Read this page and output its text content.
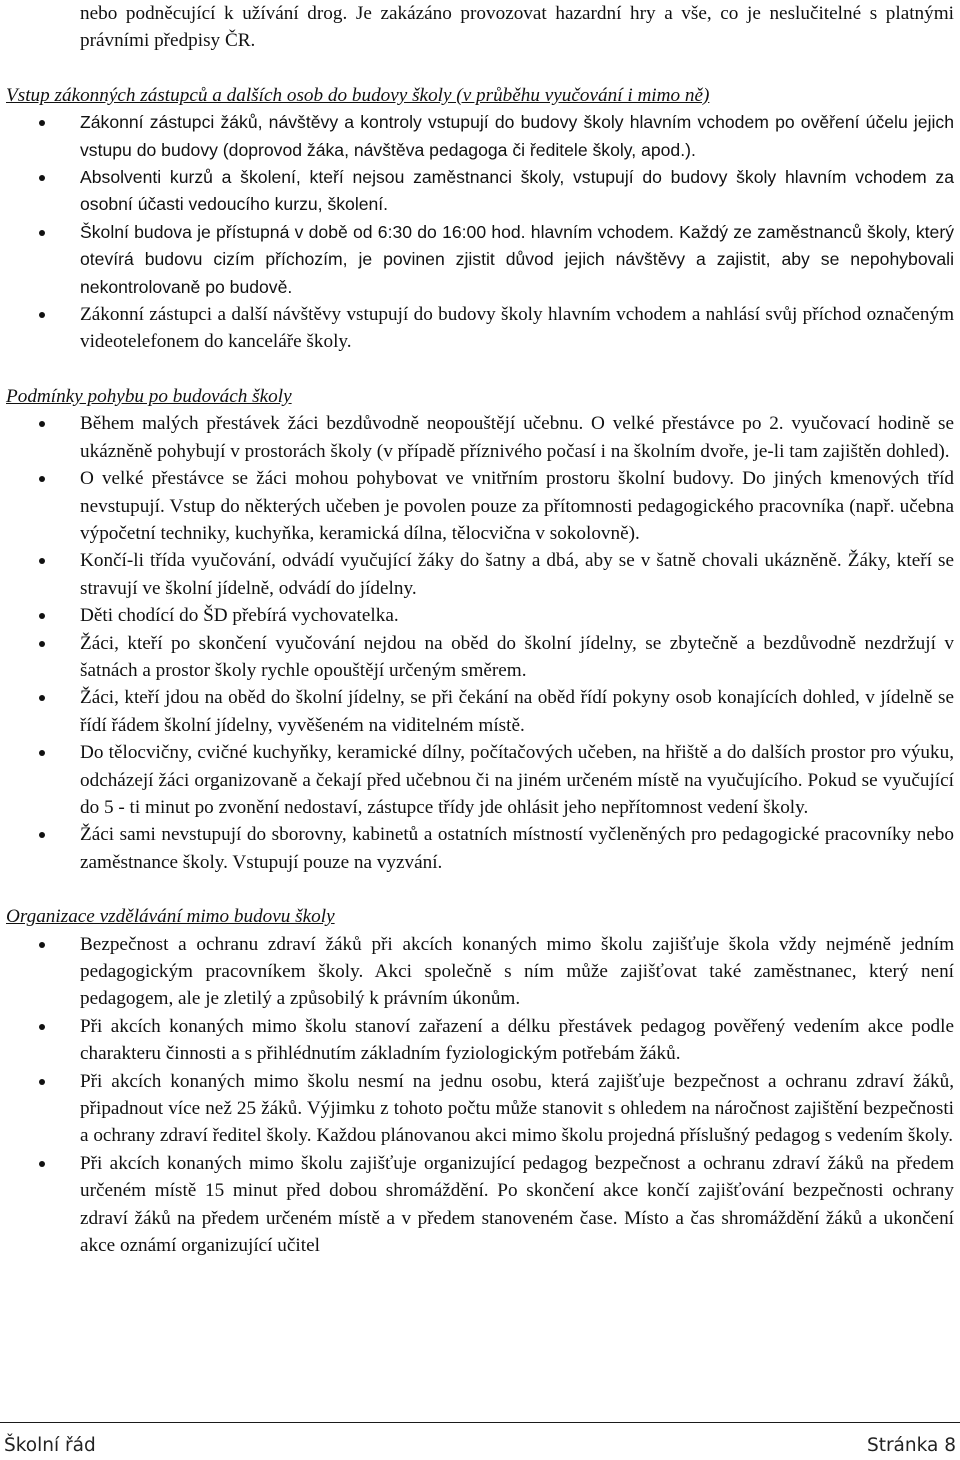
nebo podněcující k užívání drog. Je zakázáno provozovat hazardní hry a vše, co je neslučitelné s platnými právními předpisy ČR.

Vstup zákonných zástupců a dalších osob do budovy školy (v průběhu vyučování i mimo ně)

Zákonní zástupci žáků, návštěvy a kontroly vstupují do budovy školy hlavním vchodem po ověření účelu jejich vstupu do budovy (doprovod žáka, návštěva pedagoga či ředitele školy, apod.).

Absolventi kurzů a školení, kteří nejsou zaměstnanci školy, vstupují do budovy školy hlavním vchodem za osobní účasti vedoucího kurzu, školení.

Školní budova je přístupná v době od 6:30 do 16:00 hod. hlavním vchodem. Každý ze zaměstnanců školy, který otevírá budovu cizím příchozím, je povinen zjistit důvod jejich návštěvy a zajistit, aby se nepohybovali nekontrolovaně po budově.

Zákonní zástupci a další návštěvy vstupují do budovy školy hlavním vchodem a nahlásí svůj příchod označeným videotelefonem do kanceláře školy.

Podmínky pohybu po budovách školy

Během malých přestávek žáci bezdůvodně neopouštějí učebnu. O velké přestávce po 2. vyučovací hodině se ukázněně pohybují v prostorách školy (v případě příznivého počasí i na školním dvoře, je-li tam zajištěn dohled).

O velké přestávce se žáci mohou pohybovat ve vnitřním prostoru školní budovy. Do jiných kmenových tříd nevstupují. Vstup do některých učeben je povolen pouze za přítomnosti pedagogického pracovníka (např. učebna výpočetní techniky, kuchyňka, keramická dílna, tělocvična v sokolovně).

Končí-li třída vyučování, odvádí vyučující žáky do šatny a dbá, aby se v šatně chovali ukázněně. Žáky, kteří se stravují ve školní jídelně, odvádí do jídelny.

Děti chodící do ŠD přebírá vychovatelka.

Žáci, kteří po skončení vyučování nejdou na oběd do školní jídelny, se zbytečně a bezdůvodně nezdržují v šatnách a prostor školy rychle opouštějí určeným směrem.

Žáci, kteří jdou na oběd do školní jídelny, se při čekání na oběd řídí pokyny osob konajících dohled, v jídelně se řídí řádem školní jídelny, vyvěšeném na viditelném místě.

Do tělocvičny, cvičné kuchyňky, keramické dílny, počítačových učeben, na hřiště a do dalších prostor pro výuku, odcházejí žáci organizovaně a čekají před učebnou či na jiném určeném místě na vyučujícího. Pokud se vyučující do 5 - ti minut po zvonění nedostaví, zástupce třídy jde ohlásit jeho nepřítomnost vedení školy.

Žáci sami nevstupují do sborovny, kabinetů a ostatních místností vyčleněných pro pedagogické pracovníky nebo zaměstnance školy. Vstupují pouze na vyzvání.

Organizace vzdělávání mimo budovu školy

Bezpečnost a ochranu zdraví žáků při akcích konaných mimo školu zajišťuje škola vždy nejméně jedním pedagogickým pracovníkem školy. Akci společně s ním může zajišťovat také zaměstnanec, který není pedagogem, ale je zletilý a způsobilý k právním úkonům.

Při akcích konaných mimo školu stanoví zařazení a délku přestávek pedagog pověřený vedením akce podle charakteru činnosti a s přihlédnutím základním fyziologickým potřebám žáků.

Při akcích konaných mimo školu nesmí na jednu osobu, která zajišťuje bezpečnost a ochranu zdraví žáků, připadnout více než 25 žáků. Výjimku z tohoto počtu může stanovit s ohledem na náročnost zajištění bezpečnosti a ochrany zdraví ředitel školy. Každou plánovanou akci mimo školu projedná příslušný pedagog s vedením školy.

Při akcích konaných mimo školu zajišťuje organizující pedagog bezpečnost a ochranu zdraví žáků na předem určeném místě 15 minut před dobou shromáždění. Po skončení akce končí zajišťování bezpečnosti ochrany zdraví žáků na předem určeném místě a v předem stanoveném čase. Místo a čas shromáždění žáků a ukončení akce oznámí organizující učitel

Školní řád	Stránka 8
